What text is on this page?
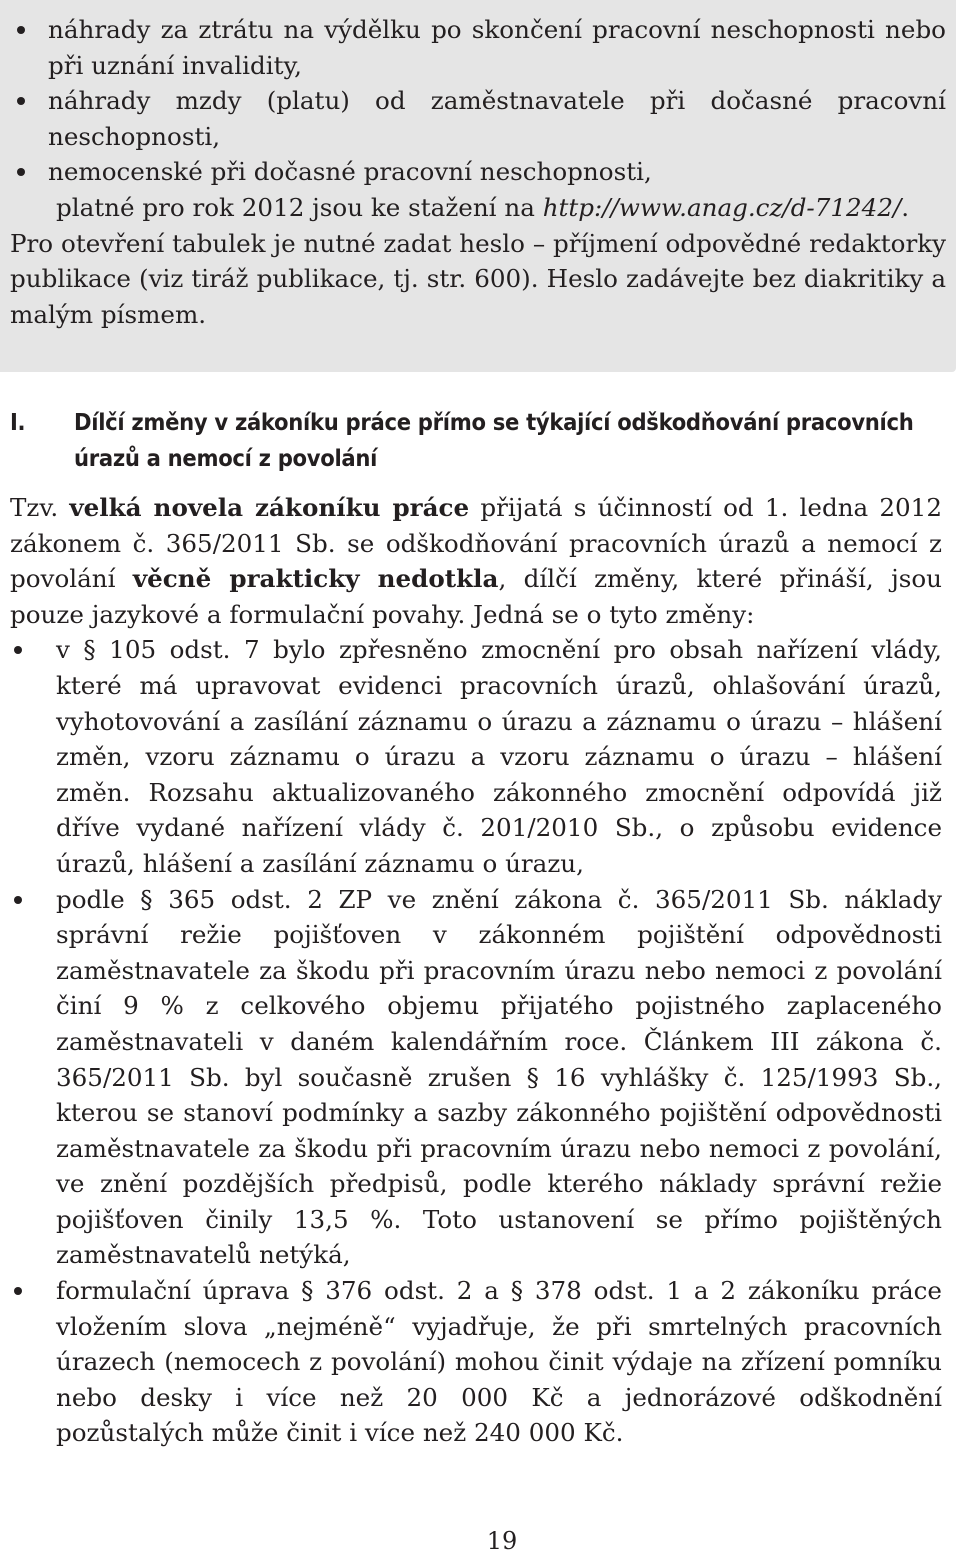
náhrady za ztrátu na výdělku po skončení pracovní neschopnosti nebo při uznání invalidity,
náhrady mzdy (platu) od zaměstnavatele při dočasné pracovní neschopnosti,
nemocenské při dočasné pracovní neschopnosti,
platné pro rok 2012 jsou ke stažení na http://www.anag.cz/d-71242/.
Pro otevření tabulek je nutné zadat heslo – příjmení odpovědné redaktorky publikace (viz tiráž publikace, tj. str. 600). Heslo zadávejte bez diakritiky a malým písmem.
I.	Dílčí změny v zákoníku práce přímo se týkající odškodňování pracovních úrazů a nemocí z povolání

Tzv. velká novela zákoníku práce přijatá s účinností od 1. ledna 2012 zákonem č. 365/2011 Sb. se odškodňování pracovních úrazů a nemocí z povolání věcně prakticky nedotkla, dílčí změny, které přináší, jsou pouze jazykové a formulační povahy. Jedná se o tyto změny:

v § 105 odst. 7 bylo zpřesněno zmocnění pro obsah nařízení vlády, které má upravovat evidenci pracovních úrazů, ohlašování úrazů, vyhotovování a zasílání záznamu o úrazu a záznamu o úrazu – hlášení změn, vzoru záznamu o úrazu a vzoru záznamu o úrazu – hlášení změn. Rozsahu aktualizovaného zákonného zmocnění odpovídá již dříve vydané nařízení vlády č. 201/2010 Sb., o způsobu evidence úrazů, hlášení a zasílání záznamu o úrazu,
podle § 365 odst. 2 ZP ve znění zákona č. 365/2011 Sb. náklady správní režie pojišťoven v zákonném pojištění odpovědnosti zaměstnavatele za škodu při pracovním úrazu nebo nemoci z povolání činí 9 % z celkového objemu přijatého pojistného zaplaceného zaměstnavateli v daném kalendářním roce. Článkem III zákona č. 365/2011 Sb. byl současně zrušen § 16 vyhlášky č. 125/1993 Sb., kterou se stanoví podmínky a sazby zákonného pojištění odpovědnosti zaměstnavatele za škodu při pracovním úrazu nebo nemoci z povolání, ve znění pozdějších předpisů, podle kterého náklady správní režie pojišťoven činily 13,5 %. Toto ustanovení se přímo pojištěných zaměstnavatelů netýká,
formulační úprava § 376 odst. 2 a § 378 odst. 1 a 2 zákoníku práce vložením slova „nejméně“ vyjadřuje, že při smrtelných pracovních úrazech (nemocech z povolání) mohou činit výdaje na zřízení pomníku nebo desky i více než 20 000 Kč a jednorázové odškodnění pozůstalých může činit i více než 240 000 Kč.
19
